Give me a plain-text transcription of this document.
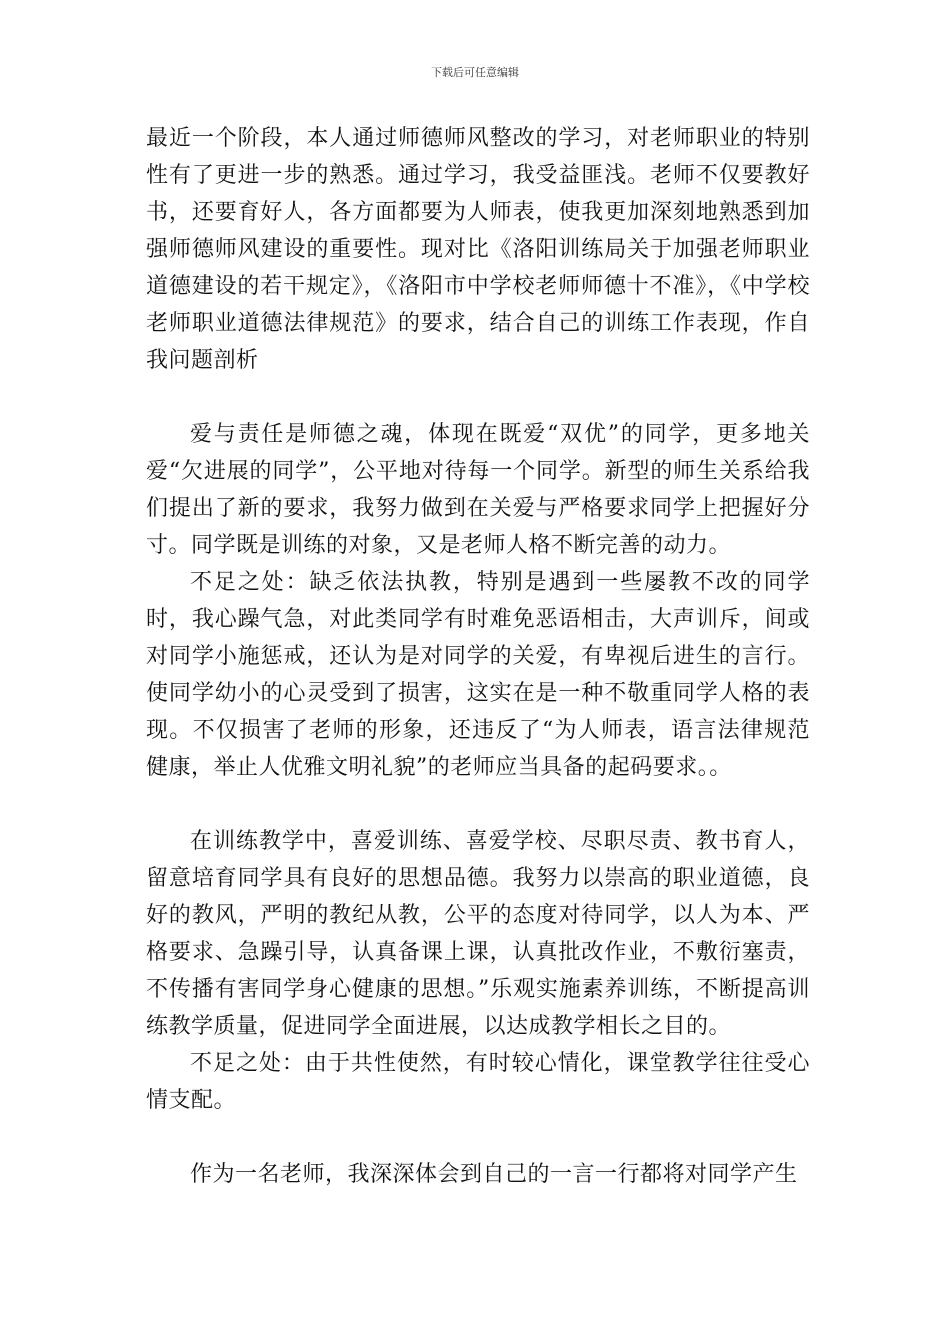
下载后可任意编辑

最近一个阶段，本人通过师德师风整改的学习，对老师职业的特别性有了更进一步的熟悉。通过学习，我受益匪浅。老师不仅要教好书，还要育好人，各方面都要为人师表，使我更加深刻地熟悉到加强师德师风建设的重要性。现对比《洛阳训练局关于加强老师职业道德建设的若干规定》，《洛阳市中学校老师师德十不准》，《中学校老师职业道德法律规范》的要求，结合自己的训练工作表现，作自我问题剖析

爱与责任是师德之魂，体现在既爱“双优”的同学，更多地关爱“欠进展的同学”，公平地对待每一个同学。新型的师生关系给我们提出了新的要求，我努力做到在关爱与严格要求同学上把握好分寸。同学既是训练的对象，又是老师人格不断完善的动力。

不足之处：缺乏依法执教，特别是遇到一些屡教不改的同学时，我心躁气急，对此类同学有时难免恶语相击，大声训斥，间或对同学小施惩戒，还认为是对同学的关爱，有卑视后进生的言行。使同学幼小的心灵受到了损害，这实在是一种不敬重同学人格的表现。不仅损害了老师的形象，还违反了“为人师表，语言法律规范健康，举止人优雅文明礼貌”的老师应当具备的起码要求。。

在训练教学中，喜爱训练、喜爱学校、尽职尽责、教书育人，留意培育同学具有良好的思想品德。我努力以崇高的职业道德，良好的教风，严明的教纪从教，公平的态度对待同学，以人为本、严格要求、急躁引导，认真备课上课，认真批改作业，不敷衍塞责，不传播有害同学身心健康的思想。”乐观实施素养训练，不断提高训练教学质量，促进同学全面进展，以达成教学相长之目的。

不足之处：由于共性使然，有时较心情化，课堂教学往往受心情支配。

作为一名老师，我深深体会到自己的一言一行都将对同学产生
